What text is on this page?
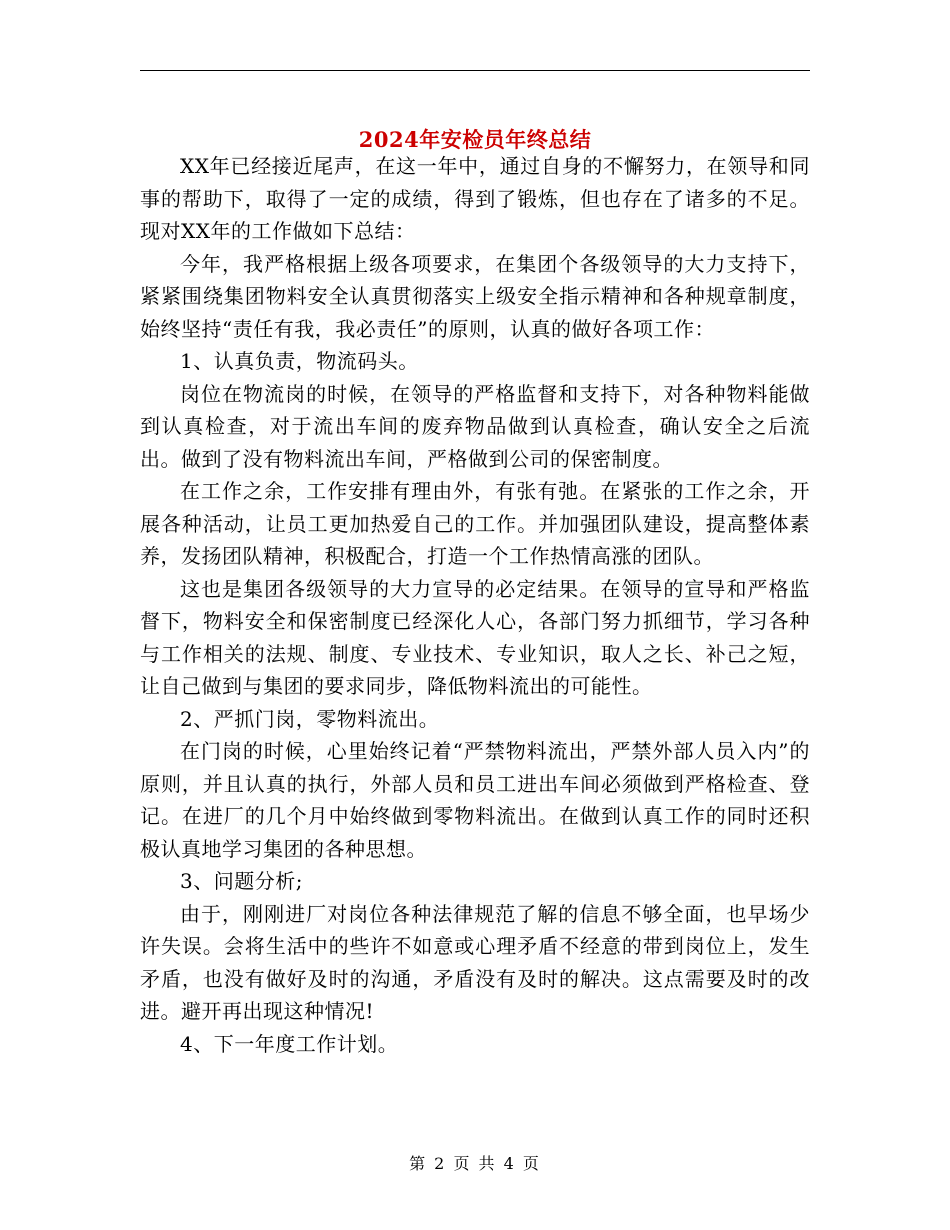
2024年安检员年终总结

XX年已经接近尾声，在这一年中，通过自身的不懈努力，在领导和同事的帮助下，取得了一定的成绩，得到了锻炼，但也存在了诸多的不足。现对XX年的工作做如下总结：

今年，我严格根据上级各项要求，在集团个各级领导的大力支持下，紧紧围绕集团物料安全认真贯彻落实上级安全指示精神和各种规章制度，始终坚持“责任有我，我必责任”的原则，认真的做好各项工作：

1、认真负责，物流码头。

岗位在物流岗的时候，在领导的严格监督和支持下，对各种物料能做到认真检查，对于流出车间的废弃物品做到认真检查，确认安全之后流出。做到了没有物料流出车间，严格做到公司的保密制度。

在工作之余，工作安排有理由外，有张有弛。在紧张的工作之余，开展各种活动，让员工更加热爱自己的工作。并加强团队建设，提高整体素养，发扬团队精神，积极配合，打造一个工作热情高涨的团队。

这也是集团各级领导的大力宣导的必定结果。在领导的宣导和严格监督下，物料安全和保密制度已经深化人心，各部门努力抓细节，学习各种与工作相关的法规、制度、专业技术、专业知识，取人之长、补己之短，让自己做到与集团的要求同步，降低物料流出的可能性。

2、严抓门岗，零物料流出。

在门岗的时候，心里始终记着“严禁物料流出，严禁外部人员入内”的原则，并且认真的执行，外部人员和员工进出车间必须做到严格检查、登记。在进厂的几个月中始终做到零物料流出。在做到认真工作的同时还积极认真地学习集团的各种思想。

3、问题分析;

由于，刚刚进厂对岗位各种法律规范了解的信息不够全面，也早场少许失误。会将生活中的些许不如意或心理矛盾不经意的带到岗位上，发生矛盾，也没有做好及时的沟通，矛盾没有及时的解决。这点需要及时的改进。避开再出现这种情况!

4、下一年度工作计划。

第 2 页 共 4 页
